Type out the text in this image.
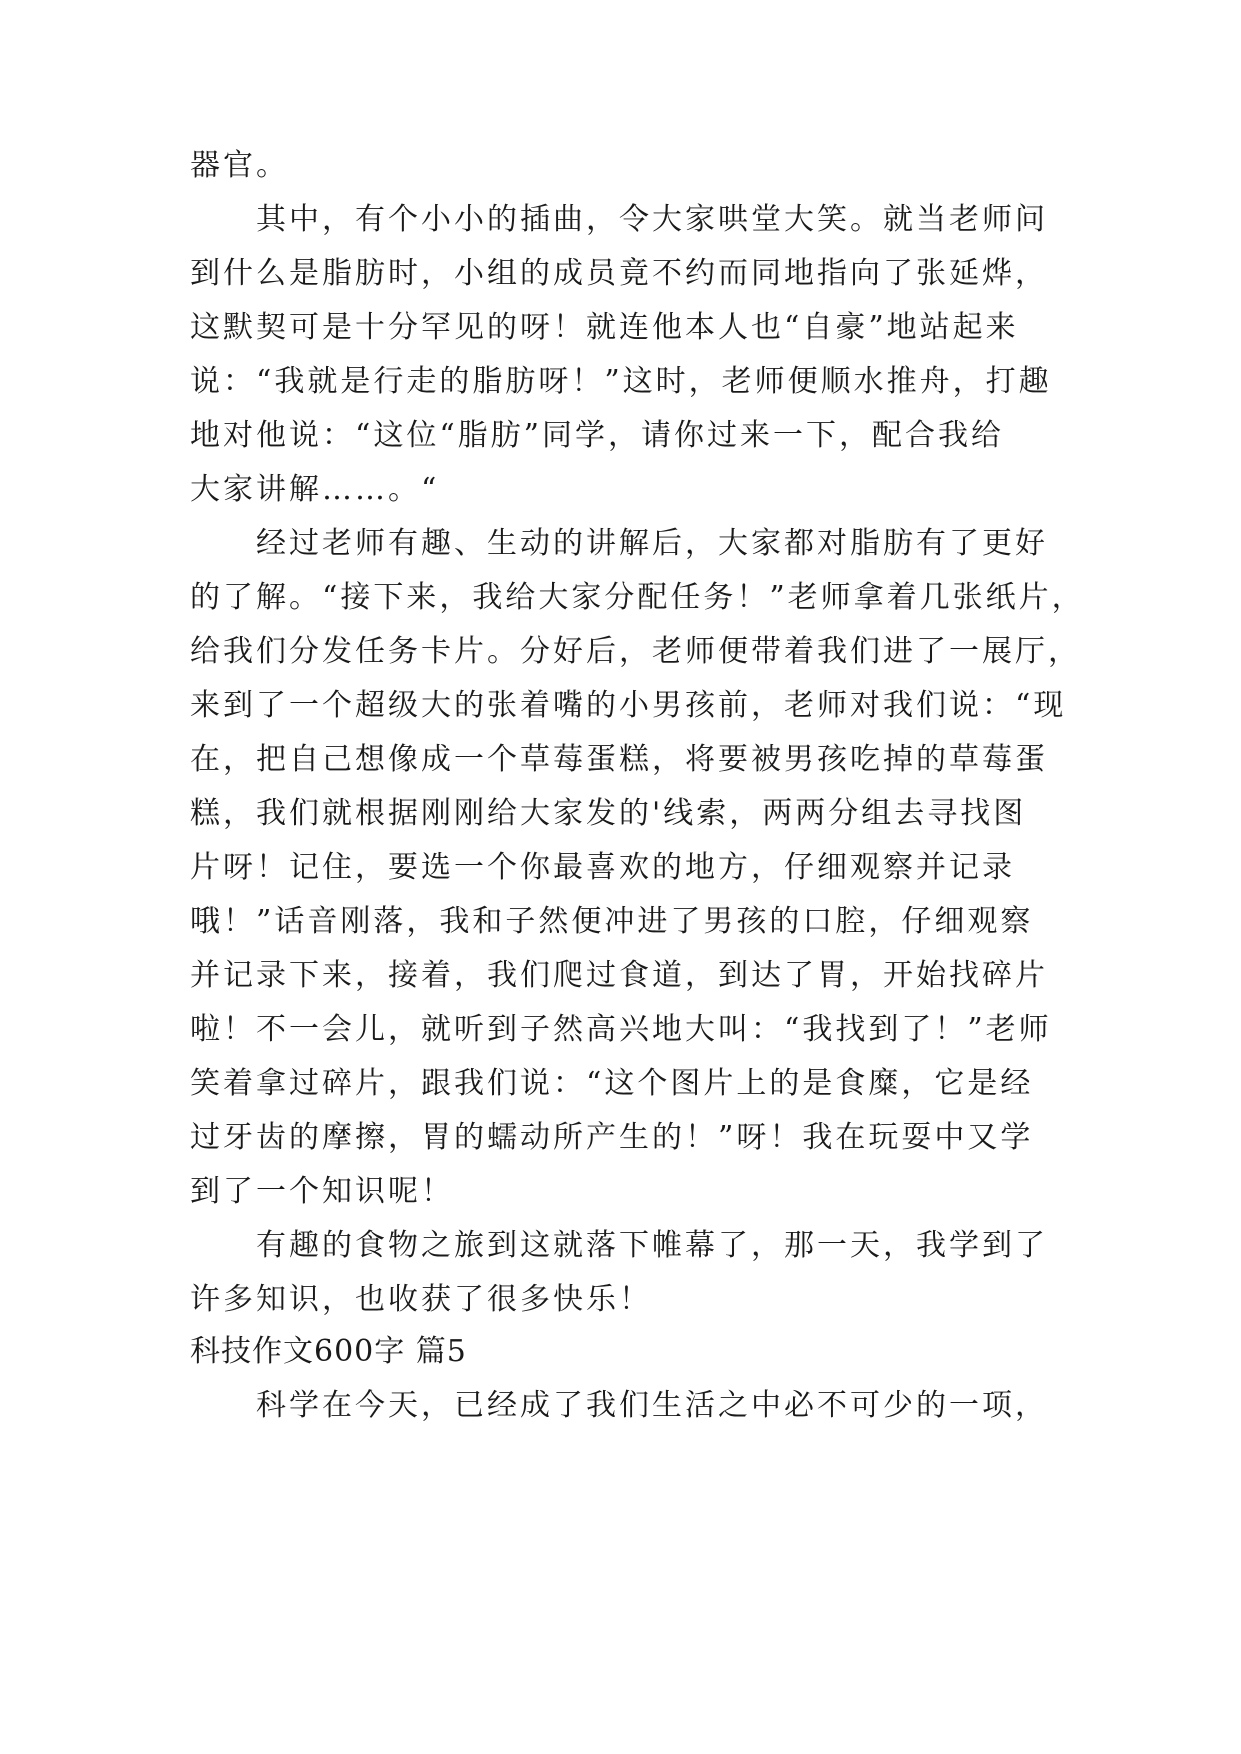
器官。
其中，有个小小的插曲，令大家哄堂大笑。就当老师问
到什么是脂肪时，小组的成员竟不约而同地指向了张延烨，
这默契可是十分罕见的呀！就连他本人也“自豪”地站起来
说：“我就是行走的脂肪呀！”这时，老师便顺水推舟，打趣
地对他说：“这位“脂肪”同学，请你过来一下，配合我给
大家讲解……。“
经过老师有趣、生动的讲解后，大家都对脂肪有了更好
的了解。“接下来，我给大家分配任务！”老师拿着几张纸片，
给我们分发任务卡片。分好后，老师便带着我们进了一展厅，
来到了一个超级大的张着嘴的小男孩前，老师对我们说：“现
在，把自己想像成一个草莓蛋糕，将要被男孩吃掉的草莓蛋
糕，我们就根据刚刚给大家发的'线索，两两分组去寻找图
片呀！记住，要选一个你最喜欢的地方，仔细观察并记录
哦！”话音刚落，我和子然便冲进了男孩的口腔，仔细观察
并记录下来，接着，我们爬过食道，到达了胃，开始找碎片
啦！不一会儿，就听到子然高兴地大叫：“我找到了！”老师
笑着拿过碎片，跟我们说：“这个图片上的是食糜，它是经
过牙齿的摩擦，胃的蠕动所产生的！”呀！我在玩耍中又学
到了一个知识呢！
有趣的食物之旅到这就落下帷幕了，那一天，我学到了
许多知识，也收获了很多快乐！
科技作文600字 篇5
科学在今天，已经成了我们生活之中必不可少的一项，
